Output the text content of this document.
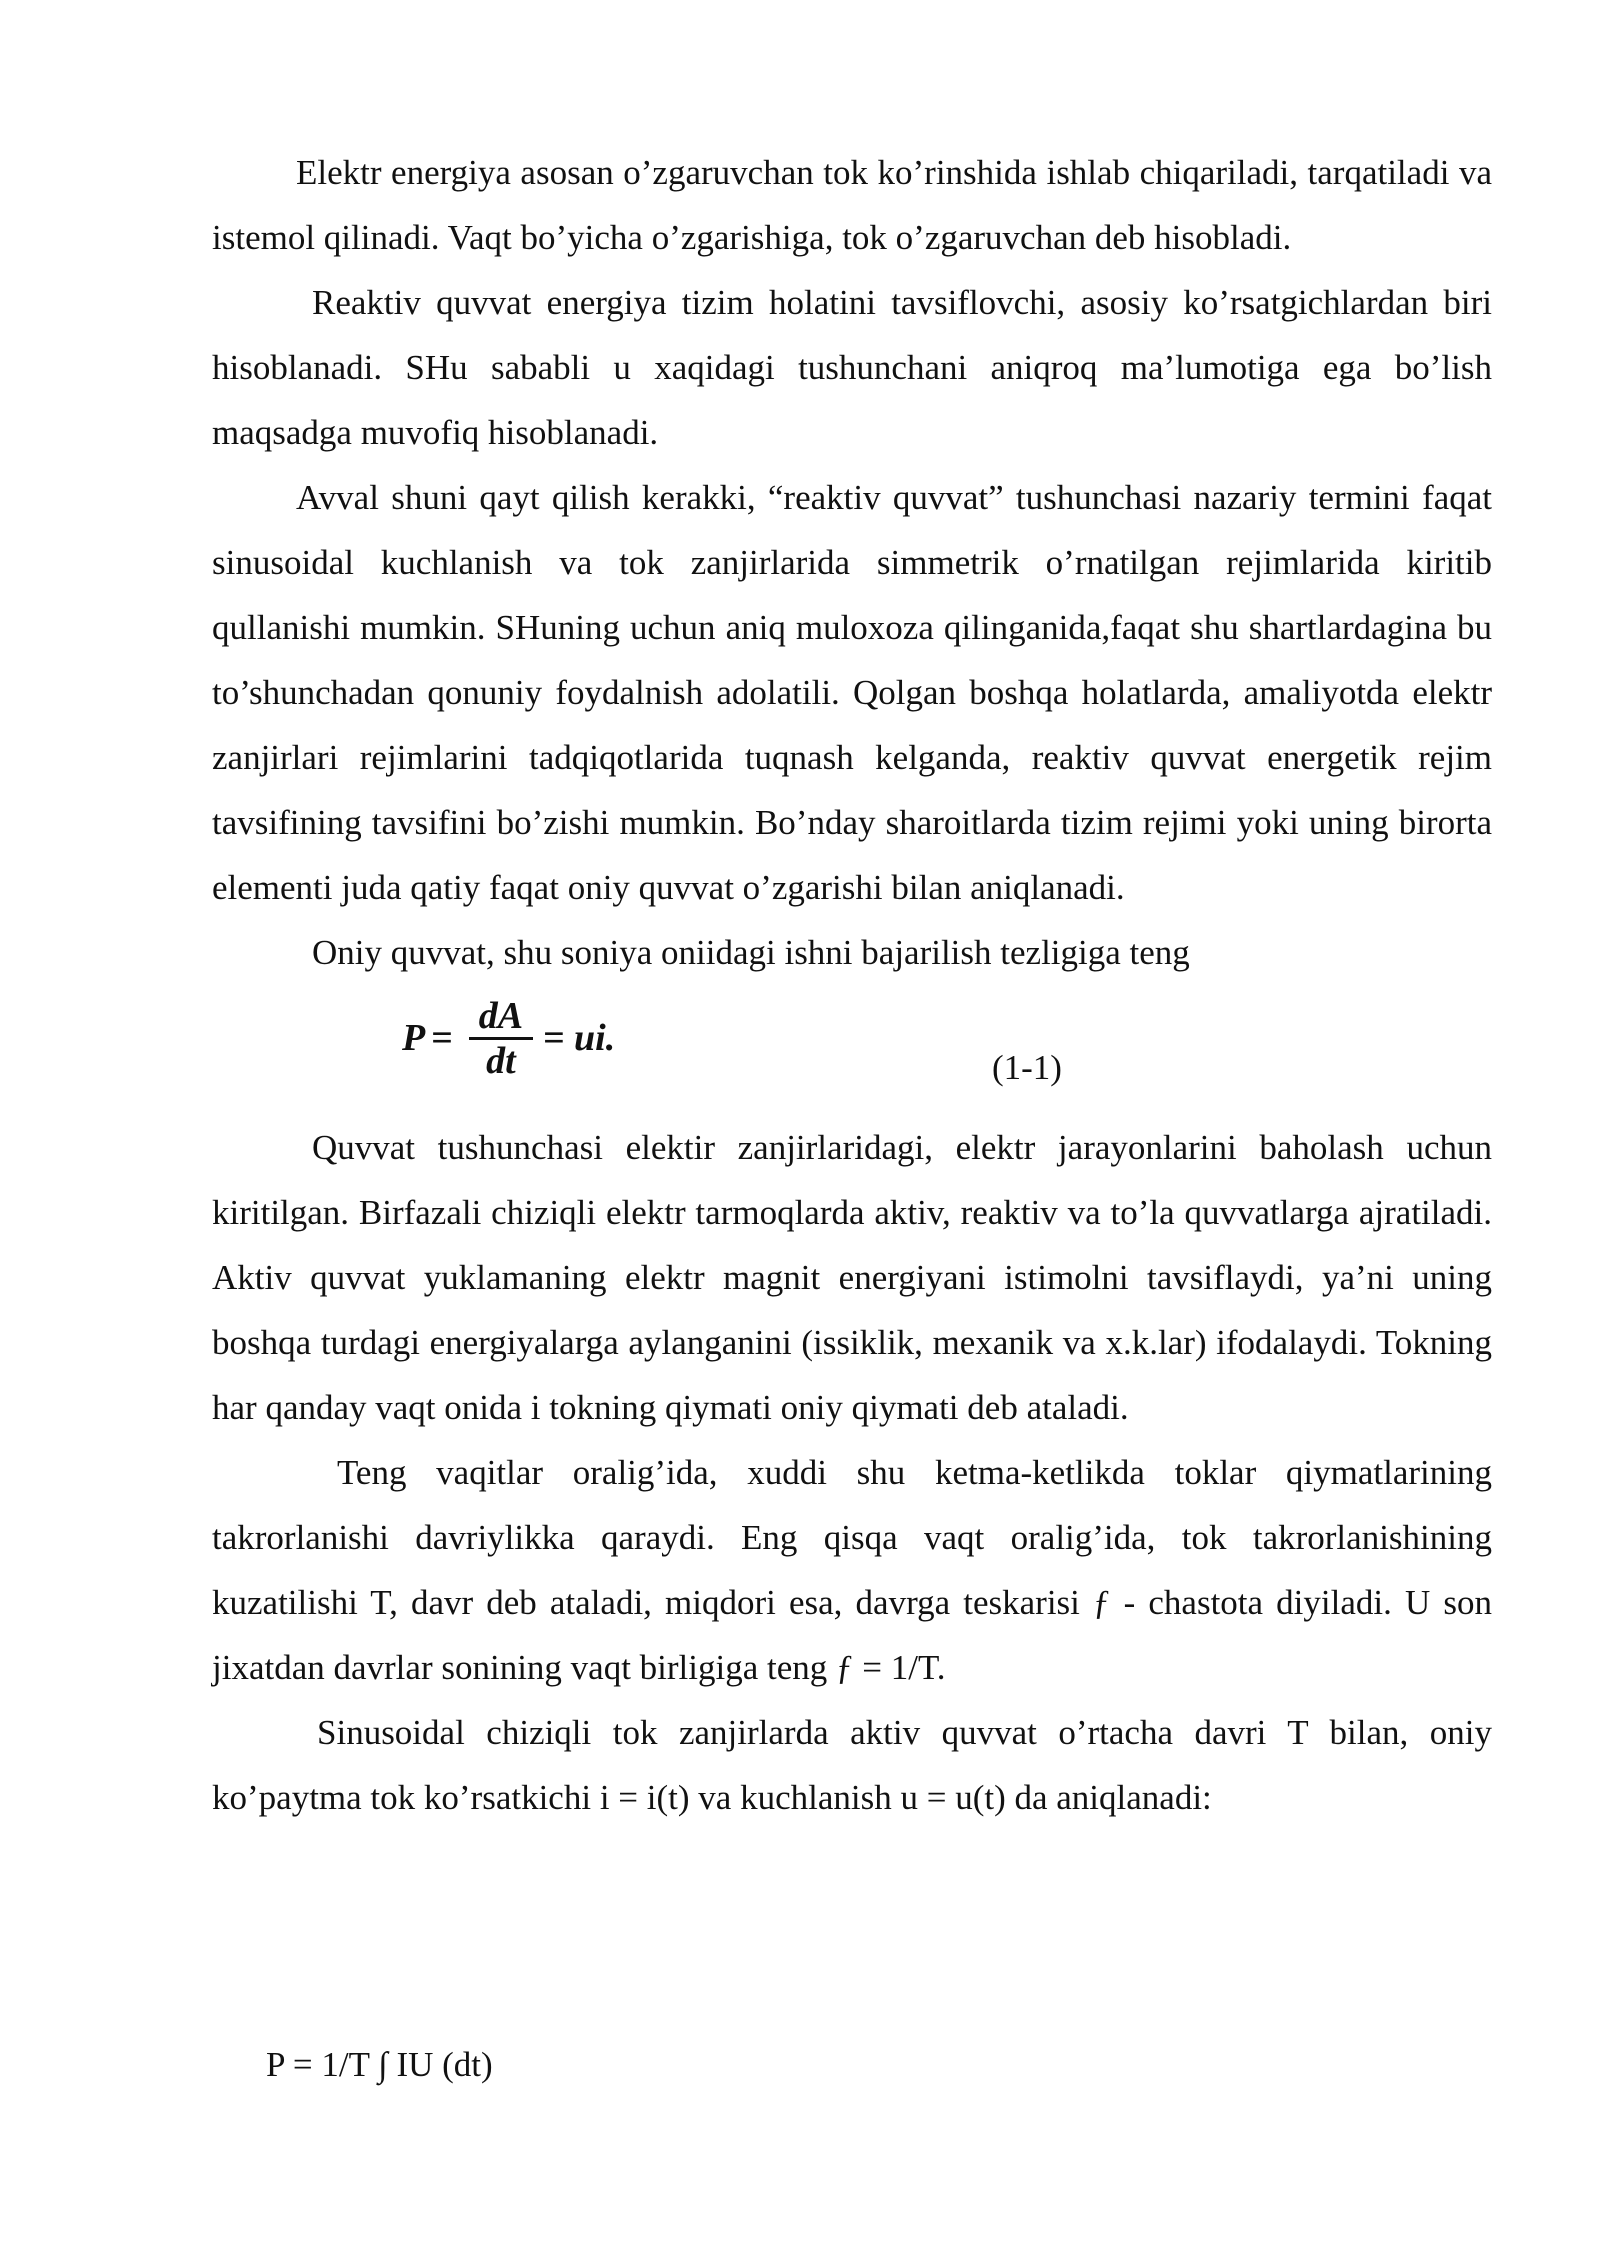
Elektr energiya asosan o’zgaruvchan tok ko’rinshida ishlab chiqariladi, tarqatiladi va istemol qilinadi. Vaqt bo’yicha o’zgarishiga, tok o’zgaruvchan deb hisobladi.

Reaktiv quvvat energiya tizim holatini tavsiflovchi, asosiy ko’rsatgichlardan biri hisoblanadi. SHu sababli u xaqidagi tushunchani aniqroq ma’lumotiga ega bo’lish maqsadga muvofiq hisoblanadi.

Avval shuni qayt qilish kerakki, “reaktiv quvvat” tushunchasi nazariy termini faqat sinusoidal kuchlanish va tok zanjirlarida simmetrik o’rnatilgan rejimlarida kiritib qullanishi mumkin. SHuning uchun aniq muloxoza qilinganida,faqat shu shartlardagina bu to’shunchadan qonuniy foydalnish adolatili. Qolgan boshqa holatlarda, amaliyotda elektr zanjirlari rejimlarini tadqiqotlarida tuqnash kelganda, reaktiv quvvat energetik rejim tavsifining tavsifini bo’zishi mumkin. Bo’nday sharoitlarda tizim rejimi yoki uning birorta elementi juda qatiy faqat oniy quvvat o’zgarishi bilan aniqlanadi.

Oniy quvvat, shu soniya oniidagi ishni bajarilish tezligiga teng

$P = \frac{dA}{dt}$ = ui.
(1-1)

Quvvat tushunchasi elektir zanjirlaridagi, elektr jarayonlarini baholash uchun kiritilgan. Birfazali chiziqli elektr tarmoqlarda aktiv, reaktiv va to’la quvvatlarga ajratiladi. Aktiv quvvat yuklamaning elektr magnit energiyani istimolni tavsiflaydi, ya’ni uning boshqa turdagi energiyalarga aylanganini (issiklik, mexanik va x.k.lar) ifodalaydi. Tokning har qanday vaqt onida i tokning qiymati oniy qiymati deb ataladi.

Teng vaqitlar oralig’ida, xuddi shu ketma-ketlikda toklar qiymatlarining takrorlanishi davriylikka qaraydi. Eng qisqa vaqt oralig’ida, tok takrorlanishining kuzatilishi T, davr deb ataladi, miqdori esa, davrga teskarisi ƒ - chastota diyiladi. U son jixatdan davrlar sonining vaqt birligiga teng ƒ = 1/T.

Sinusoidal chiziqli tok zanjirlarda aktiv quvvat o’rtacha davri T bilan, oniy ko’paytma tok ko’rsatkichi i = i(t) va kuchlanish u = u(t) da aniqlanadi:

P = 1/T ∫ IU (dt)
